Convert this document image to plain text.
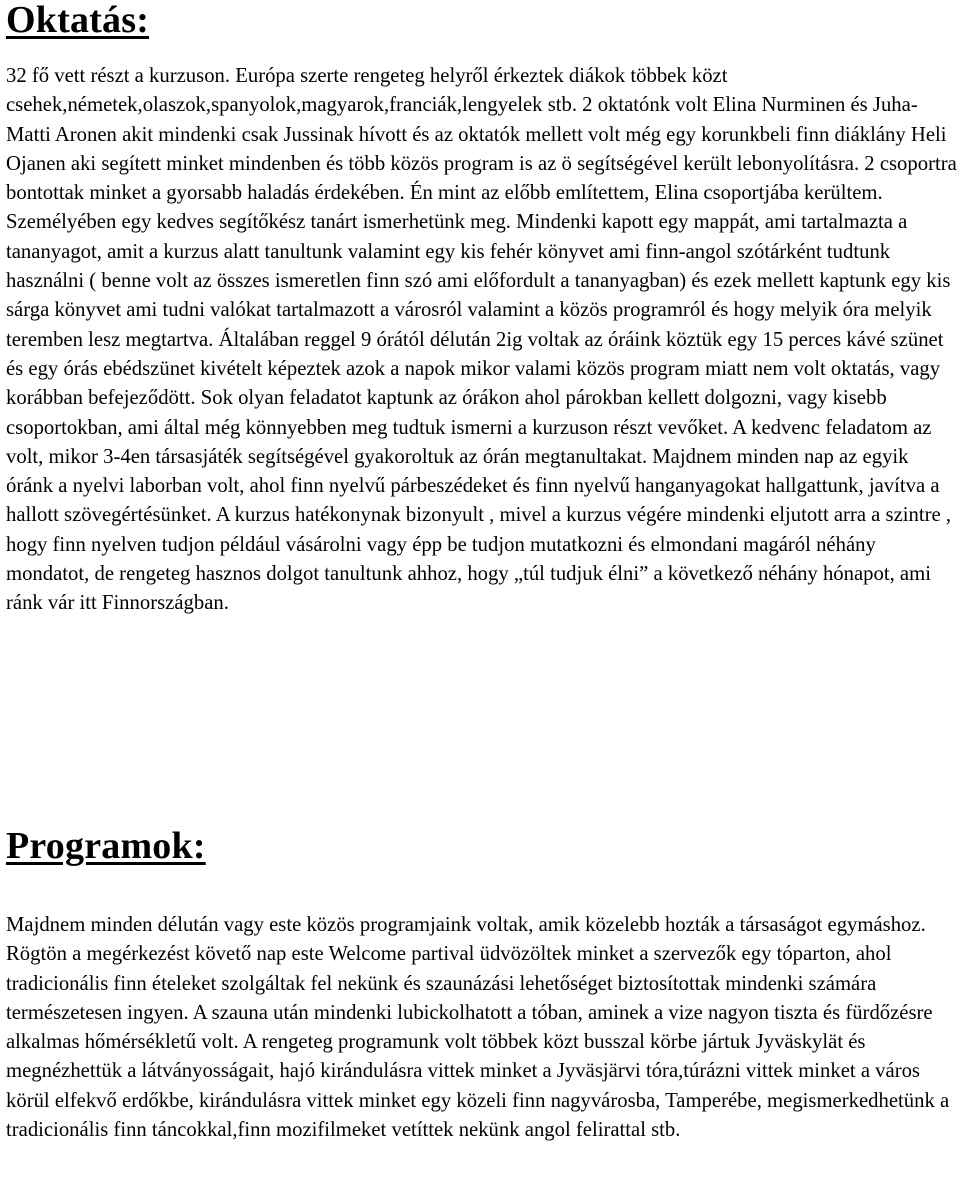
Oktatás:

32 fő vett részt a kurzuson. Európa szerte rengeteg helyről érkeztek diákok többek közt csehek,németek,olaszok,spanyolok,magyarok,franciák,lengyelek stb. 2 oktatónk volt Elina Nurminen és Juha-Matti Aronen akit mindenki csak Jussinak hívott és az oktatók mellett volt még egy korunkbeli finn diáklány Heli Ojanen aki segített minket mindenben és több közös program is az ö segítségével került lebonyolításra. 2 csoportra bontottak minket a gyorsabb haladás érdekében. Én mint az előbb említettem, Elina csoportjába kerültem. Személyében egy kedves segítőkész tanárt ismerhetünk meg. Mindenki kapott egy mappát, ami tartalmazta a tananyagot, amit a kurzus alatt tanultunk valamint egy kis fehér könyvet ami finn-angol szótárként tudtunk használni ( benne volt az összes ismeretlen finn szó ami előfordult a tananyagban) és ezek mellett kaptunk egy kis sárga könyvet ami tudni valókat tartalmazott a városról valamint a közös programról és hogy melyik óra melyik teremben lesz megtartva. Általában reggel 9 órától délután 2ig voltak az óráink köztük egy 15 perces kávé szünet és egy órás ebédszünet kivételt képeztek azok a napok mikor valami közös program miatt nem volt oktatás, vagy korábban befejeződött. Sok olyan feladatot kaptunk az órákon ahol párokban kellett dolgozni, vagy kisebb csoportokban, ami által még könnyebben meg tudtuk ismerni a kurzuson részt vevőket. A kedvenc feladatom az volt, mikor 3-4en társasjáték segítségével gyakoroltuk az órán megtanultakat. Majdnem minden nap az egyik óránk a nyelvi laborban volt, ahol finn nyelvű párbeszédeket és finn nyelvű hanganyagokat hallgattunk, javítva a hallott szövegértésünket. A kurzus hatékonynak bizonyult , mivel a kurzus végére mindenki eljutott arra a szintre , hogy finn nyelven tudjon például vásárolni vagy épp be tudjon mutatkozni és elmondani magáról néhány mondatot, de rengeteg hasznos dolgot tanultunk ahhoz, hogy „túl tudjuk élni” a következő néhány hónapot, ami ránk vár itt Finnországban.

Programok:

Majdnem minden délután vagy este közös programjaink voltak, amik közelebb hozták a társaságot egymáshoz. Rögtön a megérkezést követő nap este Welcome partival üdvözöltek minket a szervezők egy tóparton, ahol tradicionális finn ételeket szolgáltak fel nekünk és szaunázási lehetőséget biztosítottak mindenki számára természetesen ingyen. A szauna után mindenki lubickolhatott a tóban, aminek a vize nagyon tiszta és fürdőzésre alkalmas hőmérsékletű volt. A rengeteg programunk volt többek közt busszal körbe jártuk Jyväskylät és megnézhettük a látványosságait, hajó kirándulásra vittek minket a Jyväsjärvi tóra,túrázni vittek minket a város körül elfekvő erdőkbe, kirándulásra vittek minket egy közeli finn nagyvárosba, Tamperébe, megismerkedhetünk a tradicionális finn táncokkal,finn mozifilmeket vetíttek nekünk angol felirattal stb.
